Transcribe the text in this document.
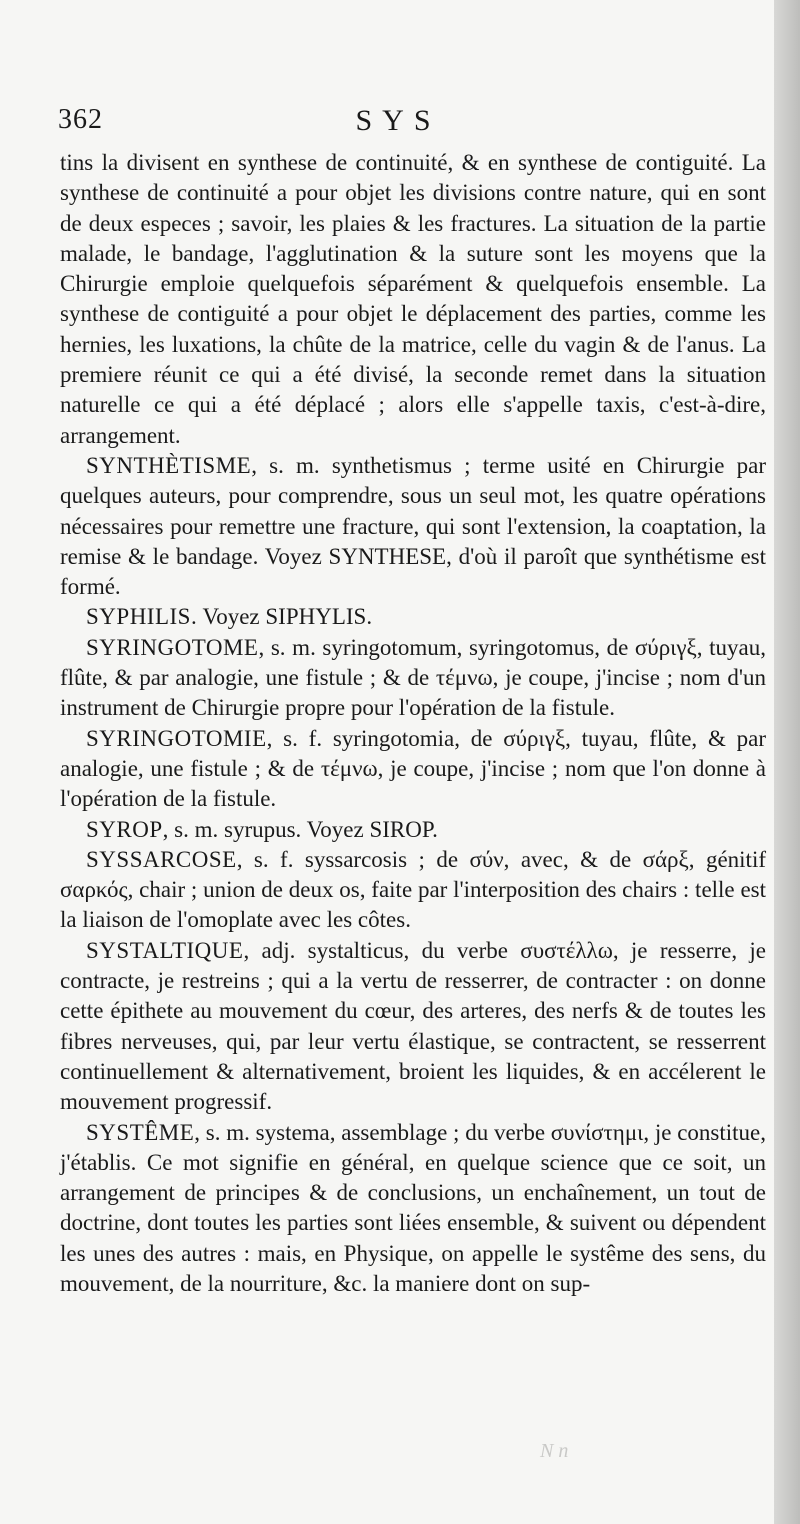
362	SYS

tins la divisent en synthese de continuité, & en synthese de contiguité. La synthese de continuité a pour objet les divisions contre nature, qui en sont de deux especes ; savoir, les plaies & les fractures. La situation de la partie malade, le bandage, l'agglutination & la suture sont les moyens que la Chirurgie emploie quelquefois séparément & quelquefois ensemble. La synthese de contiguité a pour objet le déplacement des parties, comme les hernies, les luxations, la chûte de la matrice, celle du vagin & de l'anus. La premiere réunit ce qui a été divisé, la seconde remet dans la situation naturelle ce qui a été déplacé ; alors elle s'appelle taxis, c'est-à-dire, arrangement.

SYNTHÈTISME, s. m. synthetismus ; terme usité en Chirurgie par quelques auteurs, pour comprendre, sous un seul mot, les quatre opérations nécessaires pour remettre une fracture, qui sont l'extension, la coaptation, la remise & le bandage. Voyez SYNTHESE, d'où il paroît que synthétisme est formé.

SYPHILIS. Voyez SIPHYLIS.

SYRINGOTOME, s. m. syringotomum, syringotomus, de σύριγξ, tuyau, flûte, & par analogie, une fistule ; & de τέμνω, je coupe, j'incise ; nom d'un instrument de Chirurgie propre pour l'opération de la fistule.

SYRINGOTOMIE, s. f. syringotomia, de σύριγξ, tuyau, flûte, & par analogie, une fistule ; & de τέμνω, je coupe, j'incise ; nom que l'on donne à l'opération de la fistule.

SYROP, s. m. syrupus. Voyez SIROP.

SYSSARCOSE, s. f. syssarcosis ; de σύν, avec, & de σάρξ, génitif σαρκός, chair ; union de deux os, faite par l'interposition des chairs : telle est la liaison de l'omoplate avec les côtes.

SYSTALTIQUE, adj. systalticus, du verbe συστέλλω, je resserre, je contracte, je restreins ; qui a la vertu de resserrer, de contracter : on donne cette épithete au mouvement du cœur, des arteres, des nerfs & de toutes les fibres nerveuses, qui, par leur vertu élastique, se contractent, se resserrent continuellement & alternativement, broient les liquides, & en accélerent le mouvement progressif.

SYSTÊME, s. m. systema, assemblage ; du verbe συνίστημι, je constitue, j'établis. Ce mot signifie en général, en quelque science que ce soit, un arrangement de principes & de conclusions, un enchaînement, un tout de doctrine, dont toutes les parties sont liées ensemble, & suivent ou dépendent les unes des autres : mais, en Physique, on appelle le systême des sens, du mouvement, de la nourriture, &c. la maniere dont on sup-

N n
